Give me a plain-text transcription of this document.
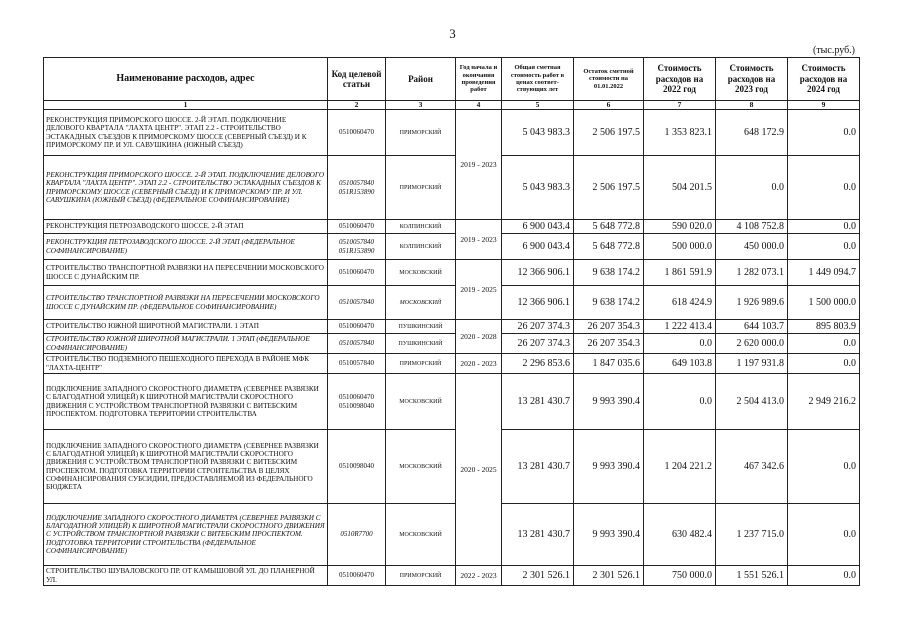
3
(тыс.руб.)
Наименование расходов, адрес	Код целевой статьи	Район	Год начала и окончания проведения работ	Общая сметная стоимость работ в ценах соответ-ствующих лет	Остаток сметной стоимости на 01.01.2022	Стоимость расходов на 2022 год	Стоимость расходов на 2023 год	Стоимость расходов на 2024 год
1	2	3	4	5	6	7	8	9
РЕКОНСТРУКЦИЯ ПРИМОРСКОГО ШОССЕ. 2-Й ЭТАП. ПОДКЛЮЧЕНИЕ ДЕЛОВОГО КВАРТАЛА "ЛАХТА ЦЕНТР". ЭТАП 2.2 - СТРОИТЕЛЬСТВО ЭСТАКАДНЫХ СЪЕЗДОВ К ПРИМОРСКОМУ ШОССЕ (СЕВЕРНЫЙ СЪЕЗД) И К ПРИМОРСКОМУ ПР. И УЛ. САВУШКИНА (ЮЖНЫЙ СЪЕЗД)	0510060470	ПРИМОРСКИЙ	2019 - 2023	5 043 983.3	2 506 197.5	1 353 823.1	648 172.9	0.0
РЕКОНСТРУКЦИЯ ПРИМОРСКОГО ШОССЕ. 2-Й ЭТАП. ПОДКЛЮЧЕНИЕ ДЕЛОВОГО КВАРТАЛА "ЛАХТА ЦЕНТР". ЭТАП 2.2 - СТРОИТЕЛЬСТВО ЭСТАКАДНЫХ СЪЕЗДОВ К ПРИМОРСКОМУ ШОССЕ (СЕВЕРНЫЙ СЪЕЗД) И К ПРИМОРСКОМУ ПР. И УЛ. САВУШКИНА (ЮЖНЫЙ СЪЕЗД) (ФЕДЕРАЛЬНОЕ СОФИНАНСИРОВАНИЕ)	0510057840 051R153890	ПРИМОРСКИЙ		5 043 983.3	2 506 197.5	504 201.5	0.0	0.0
РЕКОНСТРУКЦИЯ ПЕТРОЗАВОДСКОГО ШОССЕ. 2-Й ЭТАП	0510060470	КОЛПИНСКИЙ	2019 - 2023	6 900 043.4	5 648 772.8	590 020.0	4 108 752.8	0.0
РЕКОНСТРУКЦИЯ ПЕТРОЗАВОДСКОГО ШОССЕ. 2-Й ЭТАП (ФЕДЕРАЛЬНОЕ СОФИНАНСИРОВАНИЕ)	0510057840 051R153890	КОЛПИНСКИЙ		6 900 043.4	5 648 772.8	500 000.0	450 000.0	0.0
СТРОИТЕЛЬСТВО ТРАНСПОРТНОЙ РАЗВЯЗКИ НА ПЕРЕСЕЧЕНИИ МОСКОВСКОГО ШОССЕ С ДУНАЙСКИМ ПР.	0510060470	МОСКОВСКИЙ	2019 - 2025	12 366 906.1	9 638 174.2	1 861 591.9	1 282 073.1	1 449 094.7
СТРОИТЕЛЬСТВО ТРАНСПОРТНОЙ РАЗВЯЗКИ НА ПЕРЕСЕЧЕНИИ МОСКОВСКОГО ШОССЕ С ДУНАЙСКИМ ПР. (ФЕДЕРАЛЬНОЕ СОФИНАНСИРОВАНИЕ)	0510057840	МОСКОВСКИЙ		12 366 906.1	9 638 174.2	618 424.9	1 926 989.6	1 500 000.0
СТРОИТЕЛЬСТВО ЮЖНОЙ ШИРОТНОЙ МАГИСТРАЛИ. 1 ЭТАП	0510060470	ПУШКИНСКИЙ	2020 - 2028	26 207 374.3	26 207 354.3	1 222 413.4	644 103.7	895 803.9
СТРОИТЕЛЬСТВО ЮЖНОЙ ШИРОТНОЙ МАГИСТРАЛИ. 1 ЭТАП (ФЕДЕРАЛЬНОЕ СОФИНАНСИРОВАНИЕ)	0510057840	ПУШКИНСКИЙ		26 207 374.3	26 207 354.3	0.0	2 620 000.0	0.0
СТРОИТЕЛЬСТВО ПОДЗЕМНОГО ПЕШЕХОДНОГО ПЕРЕХОДА В РАЙОНЕ МФК "ЛАХТА-ЦЕНТР"	0510057840	ПРИМОРСКИЙ	2020 - 2023	2 296 853.6	1 847 035.6	649 103.8	1 197 931.8	0.0
ПОДКЛЮЧЕНИЕ ЗАПАДНОГО СКОРОСТНОГО ДИАМЕТРА (СЕВЕРНЕЕ РАЗВЯЗКИ С БЛАГОДАТНОЙ УЛИЦЕЙ) К ШИРОТНОЙ МАГИСТРАЛИ СКОРОСТНОГО ДВИЖЕНИЯ С УСТРОЙСТВОМ ТРАНСПОРТНОЙ РАЗВЯЗКИ С ВИТЕБСКИМ ПРОСПЕКТОМ. ПОДГОТОВКА ТЕРРИТОРИИ СТРОИТЕЛЬСТВА	0510060470 0510098040	МОСКОВСКИЙ	2020 - 2025	13 281 430.7	9 993 390.4	0.0	2 504 413.0	2 949 216.2
ПОДКЛЮЧЕНИЕ ЗАПАДНОГО СКОРОСТНОГО ДИАМЕТРА (СЕВЕРНЕЕ РАЗВЯЗКИ С БЛАГОДАТНОЙ УЛИЦЕЙ) К ШИРОТНОЙ МАГИСТРАЛИ СКОРОСТНОГО ДВИЖЕНИЯ С УСТРОЙСТВОМ ТРАНСПОРТНОЙ РАЗВЯЗКИ С ВИТЕБСКИМ ПРОСПЕКТОМ. ПОДГОТОВКА ТЕРРИТОРИИ СТРОИТЕЛЬСТВА В ЦЕЛЯХ СОФИНАНСИРОВАНИЯ СУБСИДИИ, ПРЕДОСТАВЛЯЕМОЙ ИЗ ФЕДЕРАЛЬНОГО БЮДЖЕТА	0510098040	МОСКОВСКИЙ		13 281 430.7	9 993 390.4	1 204 221.2	467 342.6	0.0
ПОДКЛЮЧЕНИЕ ЗАПАДНОГО СКОРОСТНОГО ДИАМЕТРА (СЕВЕРНЕЕ РАЗВЯЗКИ С БЛАГОДАТНОЙ УЛИЦЕЙ) К ШИРОТНОЙ МАГИСТРАЛИ СКОРОСТНОГО ДВИЖЕНИЯ С УСТРОЙСТВОМ ТРАНСПОРТНОЙ РАЗВЯЗКИ С ВИТЕБСКИМ ПРОСПЕКТОМ. ПОДГОТОВКА ТЕРРИТОРИИ СТРОИТЕЛЬСТВА (ФЕДЕРАЛЬНОЕ СОФИНАНСИРОВАНИЕ)	0510R7700	МОСКОВСКИЙ		13 281 430.7	9 993 390.4	630 482.4	1 237 715.0	0.0
СТРОИТЕЛЬСТВО ШУВАЛОВСКОГО ПР. ОТ КАМЫШОВОЙ УЛ. ДО ПЛАНЕРНОЙ УЛ.	0510060470	ПРИМОРСКИЙ	2022 - 2023	2 301 526.1	2 301 526.1	750 000.0	1 551 526.1	0.0
